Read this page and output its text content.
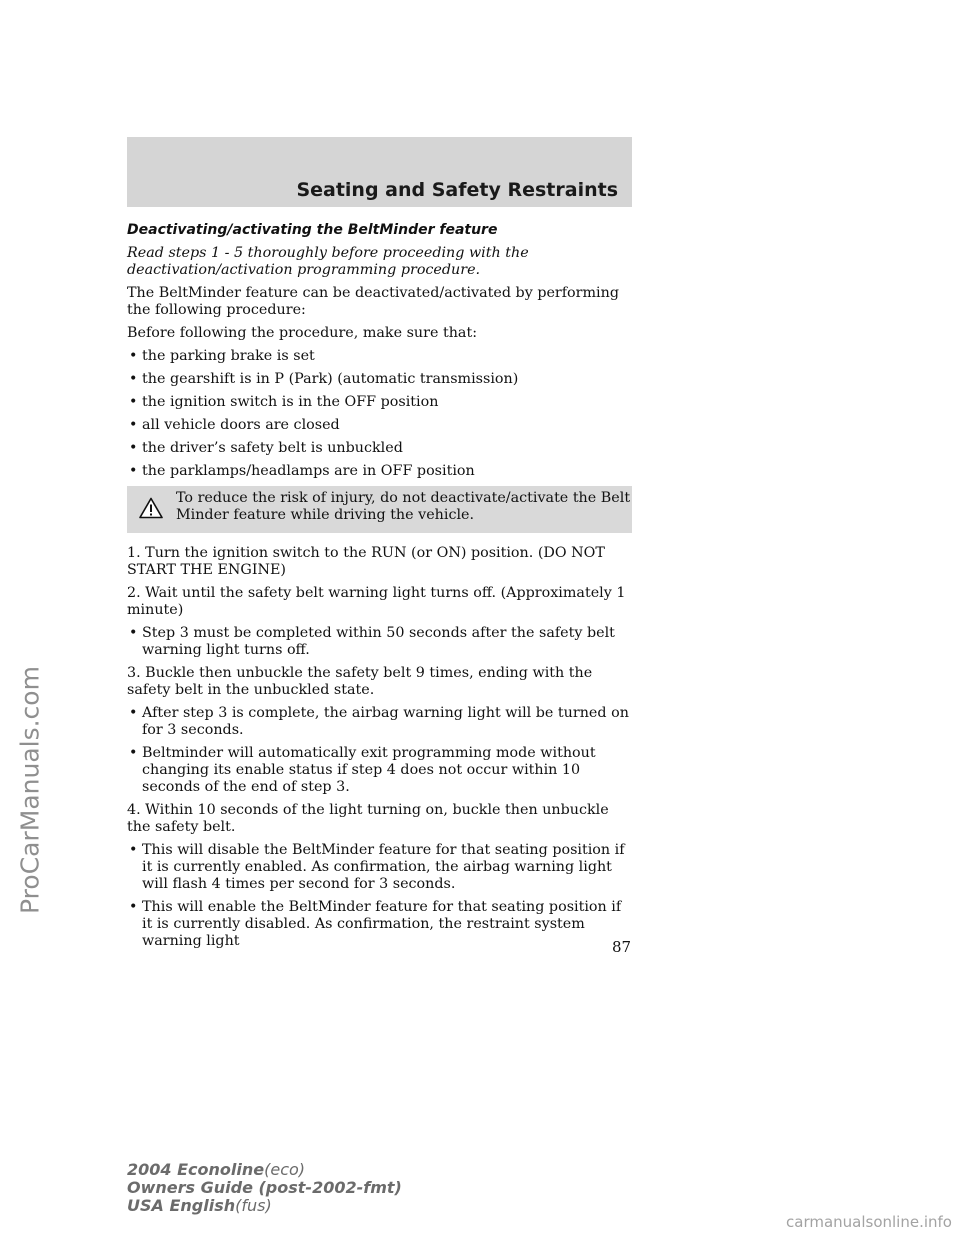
ProCarManuals.com
Seating and Safety Restraints

Deactivating/activating the BeltMinder feature

Read steps 1 - 5 thoroughly before proceeding with the deactivation/activation programming procedure.

The BeltMinder feature can be deactivated/activated by performing the following procedure:

Before following the procedure, make sure that:

• the parking brake is set
• the gearshift is in P (Park) (automatic transmission)
• the ignition switch is in the OFF position
• all vehicle doors are closed
• the driver’s safety belt is unbuckled
• the parklamps/headlamps are in OFF position
To reduce the risk of injury, do not deactivate/activate the Belt Minder feature while driving the vehicle.

1. Turn the ignition switch to the RUN (or ON) position. (DO NOT START THE ENGINE)

2. Wait until the safety belt warning light turns off. (Approximately 1 minute)

• Step 3 must be completed within 50 seconds after the safety belt warning light turns off.

3. Buckle then unbuckle the safety belt 9 times, ending with the safety belt in the unbuckled state.

• After step 3 is complete, the airbag warning light will be turned on for 3 seconds.
• Beltminder will automatically exit programming mode without changing its enable status if step 4 does not occur within 10 seconds of the end of step 3.

4. Within 10 seconds of the light turning on, buckle then unbuckle the safety belt.

• This will disable the BeltMinder feature for that seating position if it is currently enabled. As confirmation, the airbag warning light will flash 4 times per second for 3 seconds.
• This will enable the BeltMinder feature for that seating position if it is currently disabled. As confirmation, the restraint system warning light	87
2004 Econoline(eco)
Owners Guide (post-2002-fmt)
USA English(fus)
carmanualsonline.info
